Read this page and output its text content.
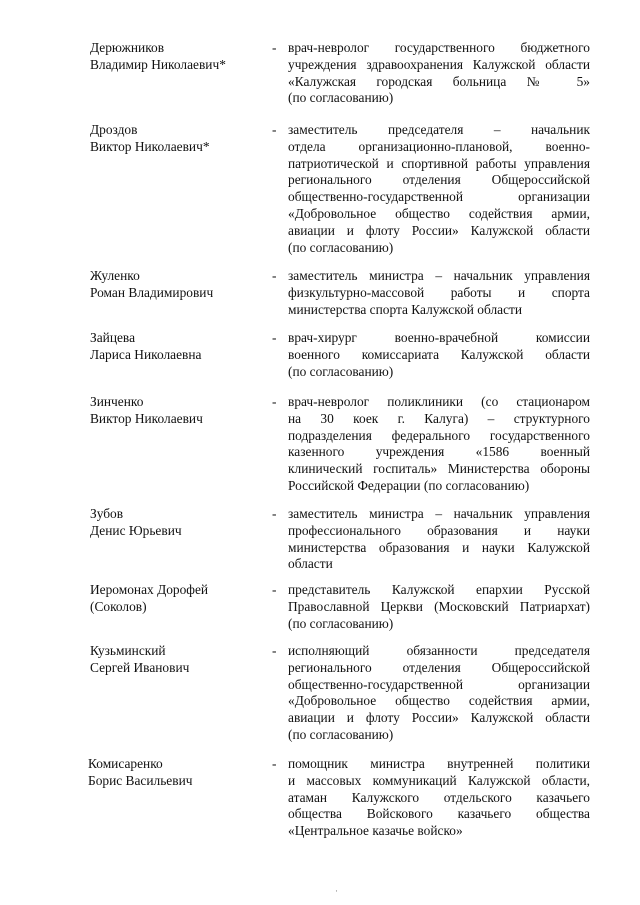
Дерюжников
Владимир Николаевич*
- врач-невролог государственного бюджетного
учреждения здравоохранения Калужской области
«Калужская городская больница № 5»
(по согласованию)
Дроздов
Виктор Николаевич*
- заместитель председателя – начальник
отдела организационно-плановой, военно-
патриотической и спортивной работы управления
регионального отделения Общероссийской
общественно-государственной организации
«Добровольное общество содействия армии,
авиации и флоту России» Калужской области
(по согласованию)
Жуленко
Роман Владимирович
- заместитель министра – начальник управления
физкультурно-массовой работы и спорта
министерства спорта Калужской области
Зайцева
Лариса Николаевна
- врач-хирург военно-врачебной комиссии
военного комиссариата Калужской области
(по согласованию)
Зинченко
Виктор Николаевич
- врач-невролог поликлиники (со стационаром
на 30 коек г. Калуга) – структурного
подразделения федерального государственного
казенного учреждения «1586 военный
клинический госпиталь» Министерства обороны
Российской Федерации (по согласованию)
Зубов
Денис Юрьевич
- заместитель министра – начальник управления
профессионального образования и науки
министерства образования и науки Калужской
области
Иеромонах Дорофей
(Соколов)
- представитель Калужской епархии Русской
Православной Церкви (Московский Патриархат)
(по согласованию)
Кузьминский
Сергей Иванович
- исполняющий обязанности председателя
регионального отделения Общероссийской
общественно-государственной организации
«Добровольное общество содействия армии,
авиации и флоту России» Калужской области
(по согласованию)
Комисаренко
Борис Васильевич
- помощник министра внутренней политики
и массовых коммуникаций Калужской области,
атаман Калужского отдельского казачьего
общества Войскового казачьего общества
«Центральное казачье войско»
·
